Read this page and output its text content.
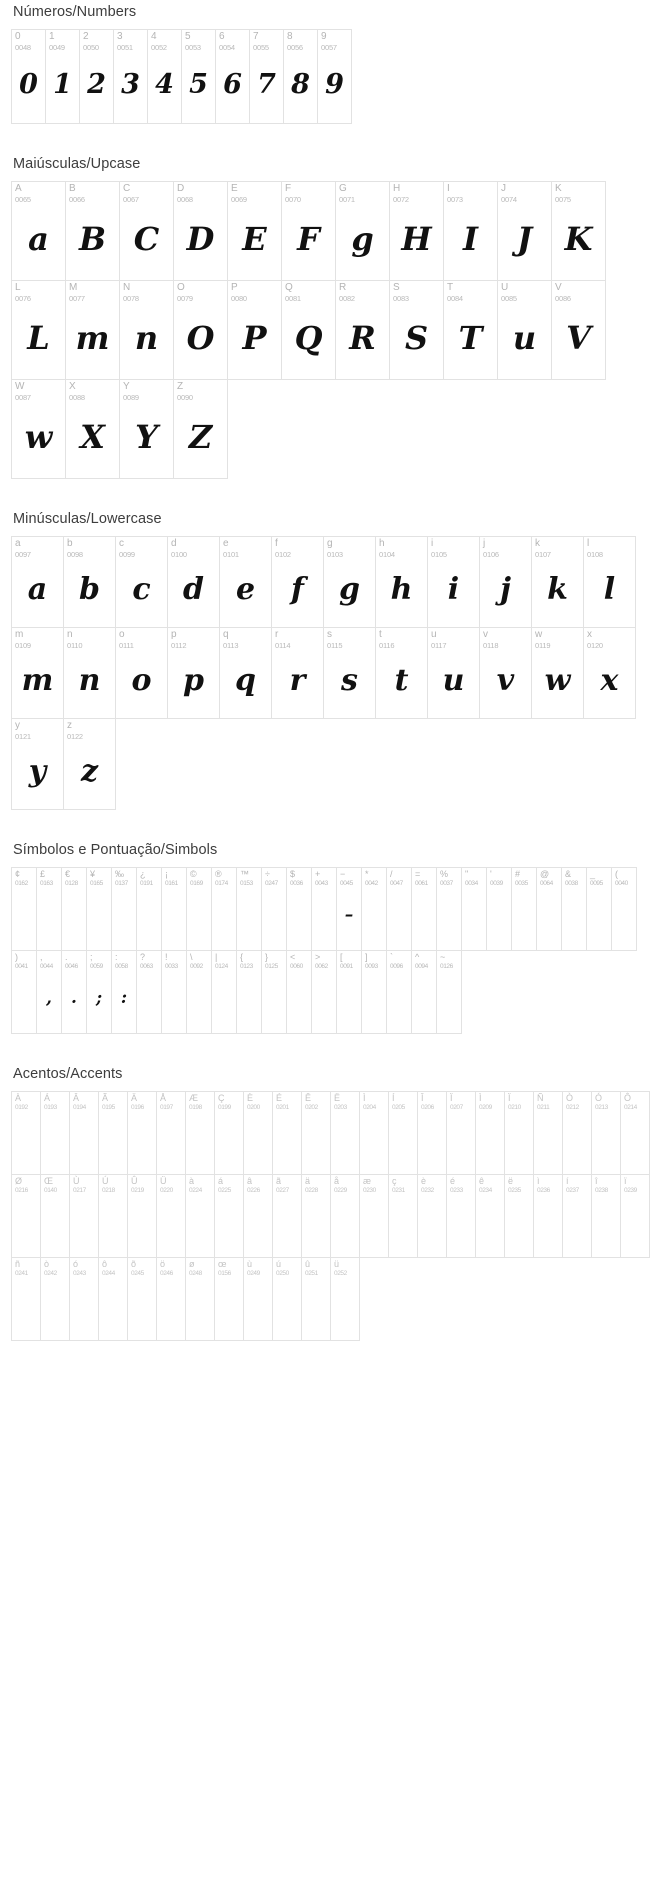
Números/Numbers
0
0048
0
1
0049
1
2
0050
2
3
0051
3
4
0052
4
5
0053
5
6
0054
6
7
0055
7
8
0056
8
9
0057
9
Maiúsculas/Upcase
A
0065
a
B
0066
B
C
0067
C
D
0068
D
E
0069
E
F
0070
F
G
0071
g
H
0072
H
I
0073
I
J
0074
J
K
0075
K
L
0076
L
M
0077
m
N
0078
n
O
0079
O
P
0080
P
Q
0081
Q
R
0082
R
S
0083
S
T
0084
T
U
0085
u
V
0086
V
W
0087
w
X
0088
X
Y
0089
Y
Z
0090
Z
Minúsculas/Lowercase
a
0097
a
b
0098
b
c
0099
c
d
0100
d
e
0101
e
f
0102
f
g
0103
g
h
0104
h
i
0105
i
j
0106
j
k
0107
k
l
0108
l
m
0109
m
n
0110
n
o
0111
o
p
0112
p
q
0113
q
r
0114
r
s
0115
s
t
0116
t
u
0117
u
v
0118
v
w
0119
w
x
0120
x
y
0121
y
z
0122
z
Símbolos e Pontuação/Simbols
¢
0162
£
0163
€
0128
¥
0165
‰
0137
¿
0191
¡
0161
©
0169
®
0174
™
0153
÷
0247
$
0036
+
0043
−
0045
–
*
0042
/
0047
=
0061
%
0037
"
0034
'
0039
#
0035
@
0064
&
0038
_
0095
(
0040
)
0041
,
0044
,
.
0046
.
;
0059
;
:
0058
:
?
0063
!
0033
\
0092
|
0124
{
0123
}
0125
<
0060
>
0062
[
0091
]
0093
`
0096
^
0094
~
0126
Acentos/Accents
À
0192
Á
0193
Â
0194
Ã
0195
Ä
0196
Å
0197
Æ
0198
Ç
0199
È
0200
É
0201
Ê
0202
Ë
0203
Ì
0204
Í
0205
Î
0206
Ï
0207
Ì
0209
Ï
0210
Ñ
0211
Ò
0212
Ó
0213
Ô
0214
Ø
0216
Œ
0140
Ù
0217
Ú
0218
Û
0219
Ü
0220
à
0224
á
0225
â
0226
ã
0227
ä
0228
å
0229
æ
0230
ç
0231
è
0232
é
0233
ê
0234
ë
0235
ì
0236
í
0237
î
0238
ï
0239
ñ
0241
ò
0242
ó
0243
ô
0244
õ
0245
ö
0246
ø
0248
œ
0156
ù
0249
ú
0250
û
0251
ü
0252
